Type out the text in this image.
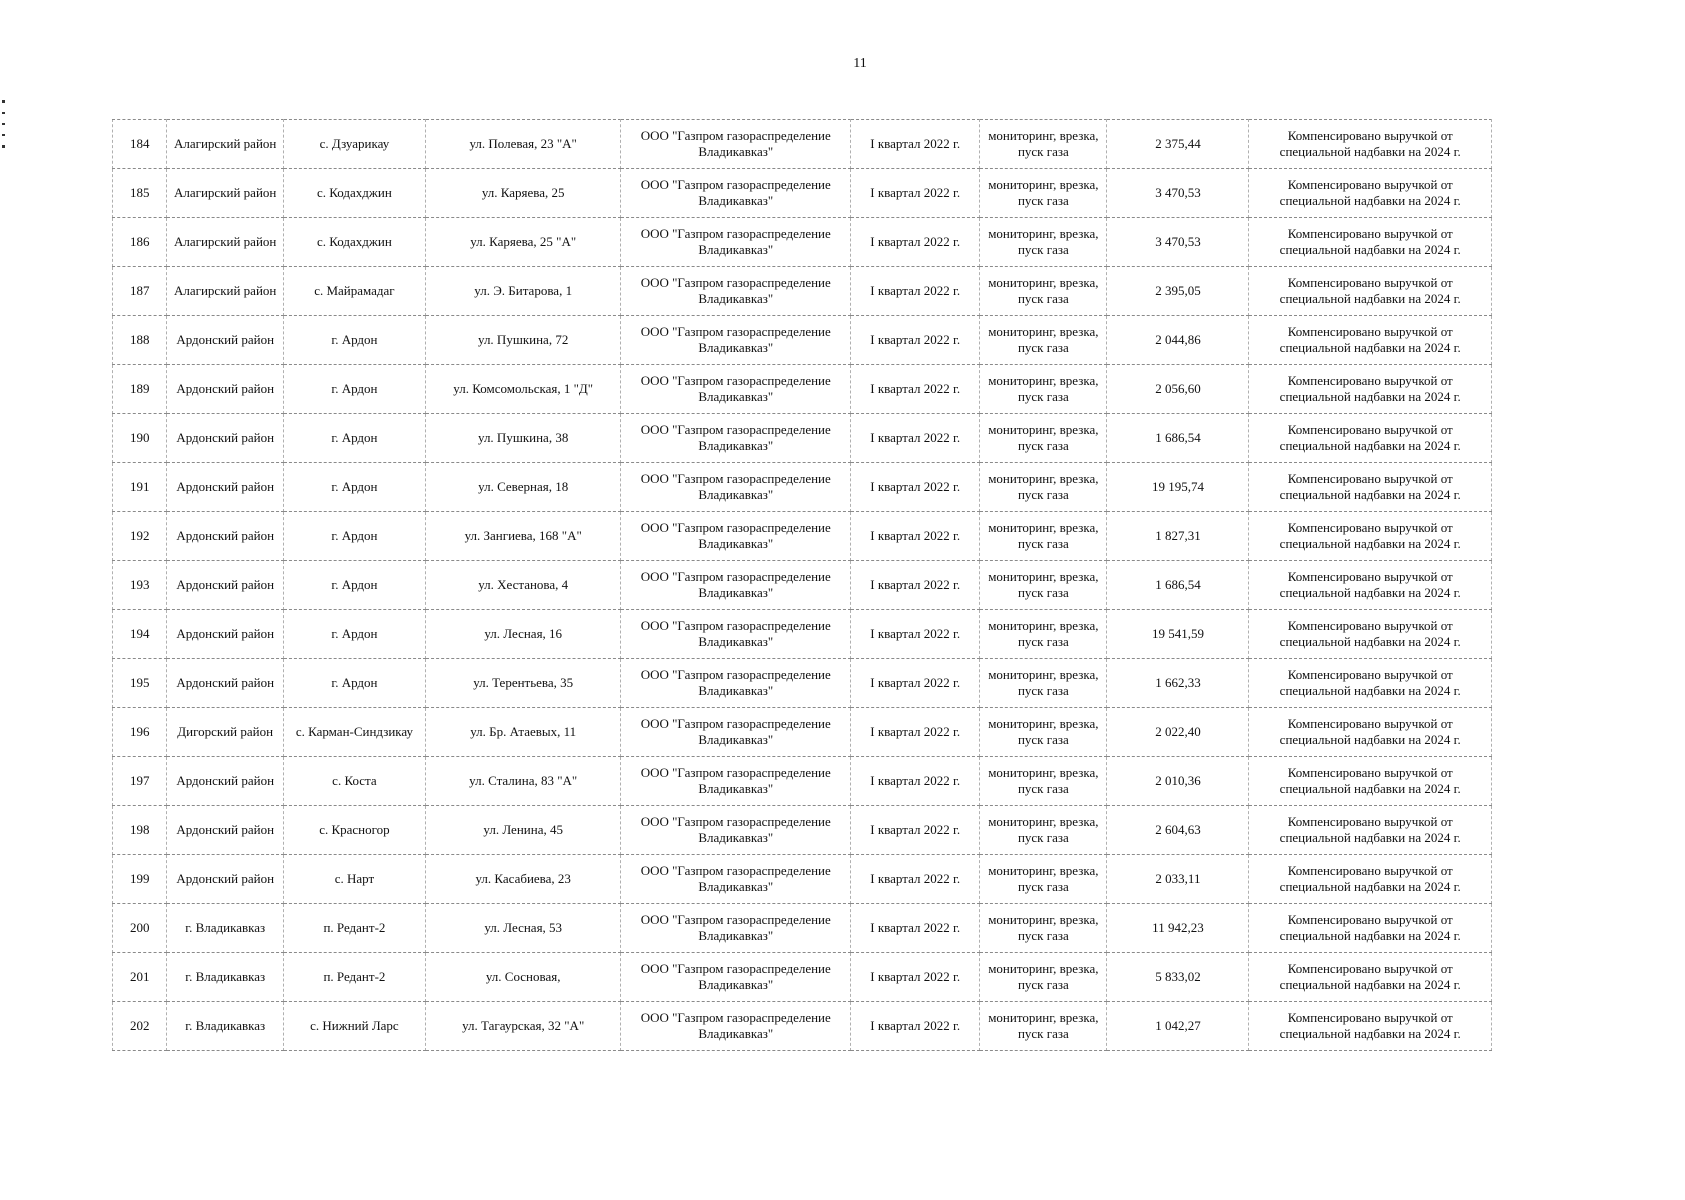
11
184	Алагирский район	с. Дзуарикау	ул. Полевая, 23 "А"	ООО "Газпром газораспределение Владикавказ"	I квартал 2022 г.	мониторинг, врезка, пуск газа	2 375,44	Компенсировано выручкой от специальной надбавки на 2024 г.
185	Алагирский район	с. Кодахджин	ул. Каряева, 25	ООО "Газпром газораспределение Владикавказ"	I квартал 2022 г.	мониторинг, врезка, пуск газа	3 470,53	Компенсировано выручкой от специальной надбавки на 2024 г.
186	Алагирский район	с. Кодахджин	ул. Каряева, 25 "А"	ООО "Газпром газораспределение Владикавказ"	I квартал 2022 г.	мониторинг, врезка, пуск газа	3 470,53	Компенсировано выручкой от специальной надбавки на 2024 г.
187	Алагирский район	с. Майрамадаг	ул. Э. Битарова, 1	ООО "Газпром газораспределение Владикавказ"	I квартал 2022 г.	мониторинг, врезка, пуск газа	2 395,05	Компенсировано выручкой от специальной надбавки на 2024 г.
188	Ардонский район	г. Ардон	ул. Пушкина, 72	ООО "Газпром газораспределение Владикавказ"	I квартал 2022 г.	мониторинг, врезка, пуск газа	2 044,86	Компенсировано выручкой от специальной надбавки на 2024 г.
189	Ардонский район	г. Ардон	ул. Комсомольская, 1 "Д"	ООО "Газпром газораспределение Владикавказ"	I квартал 2022 г.	мониторинг, врезка, пуск газа	2 056,60	Компенсировано выручкой от специальной надбавки на 2024 г.
190	Ардонский район	г. Ардон	ул. Пушкина, 38	ООО "Газпром газораспределение Владикавказ"	I квартал 2022 г.	мониторинг, врезка, пуск газа	1 686,54	Компенсировано выручкой от специальной надбавки на 2024 г.
191	Ардонский район	г. Ардон	ул. Северная, 18	ООО "Газпром газораспределение Владикавказ"	I квартал 2022 г.	мониторинг, врезка, пуск газа	19 195,74	Компенсировано выручкой от специальной надбавки на 2024 г.
192	Ардонский район	г. Ардон	ул. Зангиева, 168 "А"	ООО "Газпром газораспределение Владикавказ"	I квартал 2022 г.	мониторинг, врезка, пуск газа	1 827,31	Компенсировано выручкой от специальной надбавки на 2024 г.
193	Ардонский район	г. Ардон	ул. Хестанова, 4	ООО "Газпром газораспределение Владикавказ"	I квартал 2022 г.	мониторинг, врезка, пуск газа	1 686,54	Компенсировано выручкой от специальной надбавки на 2024 г.
194	Ардонский район	г. Ардон	ул. Лесная, 16	ООО "Газпром газораспределение Владикавказ"	I квартал 2022 г.	мониторинг, врезка, пуск газа	19 541,59	Компенсировано выручкой от специальной надбавки на 2024 г.
195	Ардонский район	г. Ардон	ул. Терентьева, 35	ООО "Газпром газораспределение Владикавказ"	I квартал 2022 г.	мониторинг, врезка, пуск газа	1 662,33	Компенсировано выручкой от специальной надбавки на 2024 г.
196	Дигорский район	с. Карман-Синдзикау	ул. Бр. Атаевых, 11	ООО "Газпром газораспределение Владикавказ"	I квартал 2022 г.	мониторинг, врезка, пуск газа	2 022,40	Компенсировано выручкой от специальной надбавки на 2024 г.
197	Ардонский район	с. Коста	ул. Сталина, 83 "А"	ООО "Газпром газораспределение Владикавказ"	I квартал 2022 г.	мониторинг, врезка, пуск газа	2 010,36	Компенсировано выручкой от специальной надбавки на 2024 г.
198	Ардонский район	с. Красногор	ул. Ленина, 45	ООО "Газпром газораспределение Владикавказ"	I квартал 2022 г.	мониторинг, врезка, пуск газа	2 604,63	Компенсировано выручкой от специальной надбавки на 2024 г.
199	Ардонский район	с. Нарт	ул. Касабиева, 23	ООО "Газпром газораспределение Владикавказ"	I квартал 2022 г.	мониторинг, врезка, пуск газа	2 033,11	Компенсировано выручкой от специальной надбавки на 2024 г.
200	г. Владикавказ	п. Редант-2	ул. Лесная, 53	ООО "Газпром газораспределение Владикавказ"	I квартал 2022 г.	мониторинг, врезка, пуск газа	11 942,23	Компенсировано выручкой от специальной надбавки на 2024 г.
201	г. Владикавказ	п. Редант-2	ул. Сосновая,	ООО "Газпром газораспределение Владикавказ"	I квартал 2022 г.	мониторинг, врезка, пуск газа	5 833,02	Компенсировано выручкой от специальной надбавки на 2024 г.
202	г. Владикавказ	с. Нижний Ларс	ул. Тагаурская, 32 "А"	ООО "Газпром газораспределение Владикавказ"	I квартал 2022 г.	мониторинг, врезка, пуск газа	1 042,27	Компенсировано выручкой от специальной надбавки на 2024 г.
